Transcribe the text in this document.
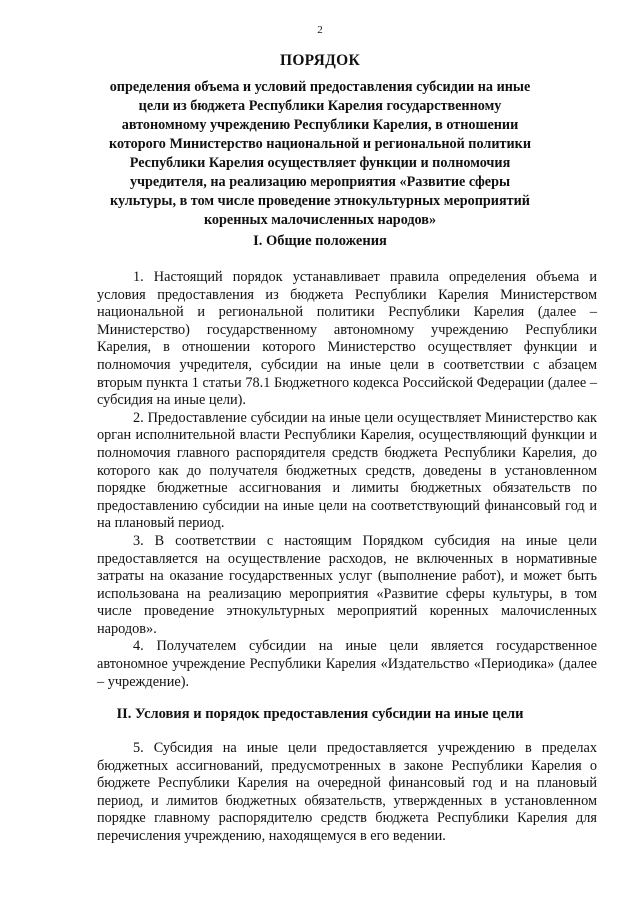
2
ПОРЯДОК
определения объема и условий предоставления субсидии на иные цели из бюджета Республики Карелия государственному автономному учреждению Республики Карелия, в отношении которого Министерство национальной и региональной политики Республики Карелия осуществляет функции и полномочия учредителя, на реализацию мероприятия «Развитие сферы культуры, в том числе проведение этнокультурных мероприятий коренных малочисленных народов»
I. Общие положения

1. Настоящий порядок устанавливает правила определения объема и условия предоставления из бюджета Республики Карелия Министерством национальной и региональной политики Республики Карелия (далее – Министерство) государственному автономному учреждению Республики Карелия, в отношении которого Министерство осуществляет функции и полномочия учредителя, субсидии на иные цели в соответствии с абзацем вторым пункта 1 статьи 78.1 Бюджетного кодекса Российской Федерации (далее – субсидия на иные цели).

2. Предоставление субсидии на иные цели осуществляет Министерство как орган исполнительной власти Республики Карелия, осуществляющий функции и полномочия главного распорядителя средств бюджета Республики Карелия, до которого как до получателя бюджетных средств, доведены в установленном порядке бюджетные ассигнования и лимиты бюджетных обязательств по предоставлению субсидии на иные цели на соответствующий финансовый год и на плановый период.

3. В соответствии с настоящим Порядком субсидия на иные цели предоставляется на осуществление расходов, не включенных в нормативные затраты на оказание государственных услуг (выполнение работ), и может быть использована на реализацию мероприятия «Развитие сферы культуры, в том числе проведение этнокультурных мероприятий коренных малочисленных народов».

4. Получателем субсидии на иные цели является государственное автономное учреждение Республики Карелия «Издательство «Периодика» (далее – учреждение).

II. Условия и порядок предоставления субсидии на иные цели

5. Субсидия на иные цели предоставляется учреждению в пределах бюджетных ассигнований, предусмотренных в законе Республики Карелия о бюджете Республики Карелия на очередной финансовый год и на плановый период, и лимитов бюджетных обязательств, утвержденных в установленном порядке главному распорядителю средств бюджета Республики Карелия для перечисления учреждению, находящемуся в его ведении.
